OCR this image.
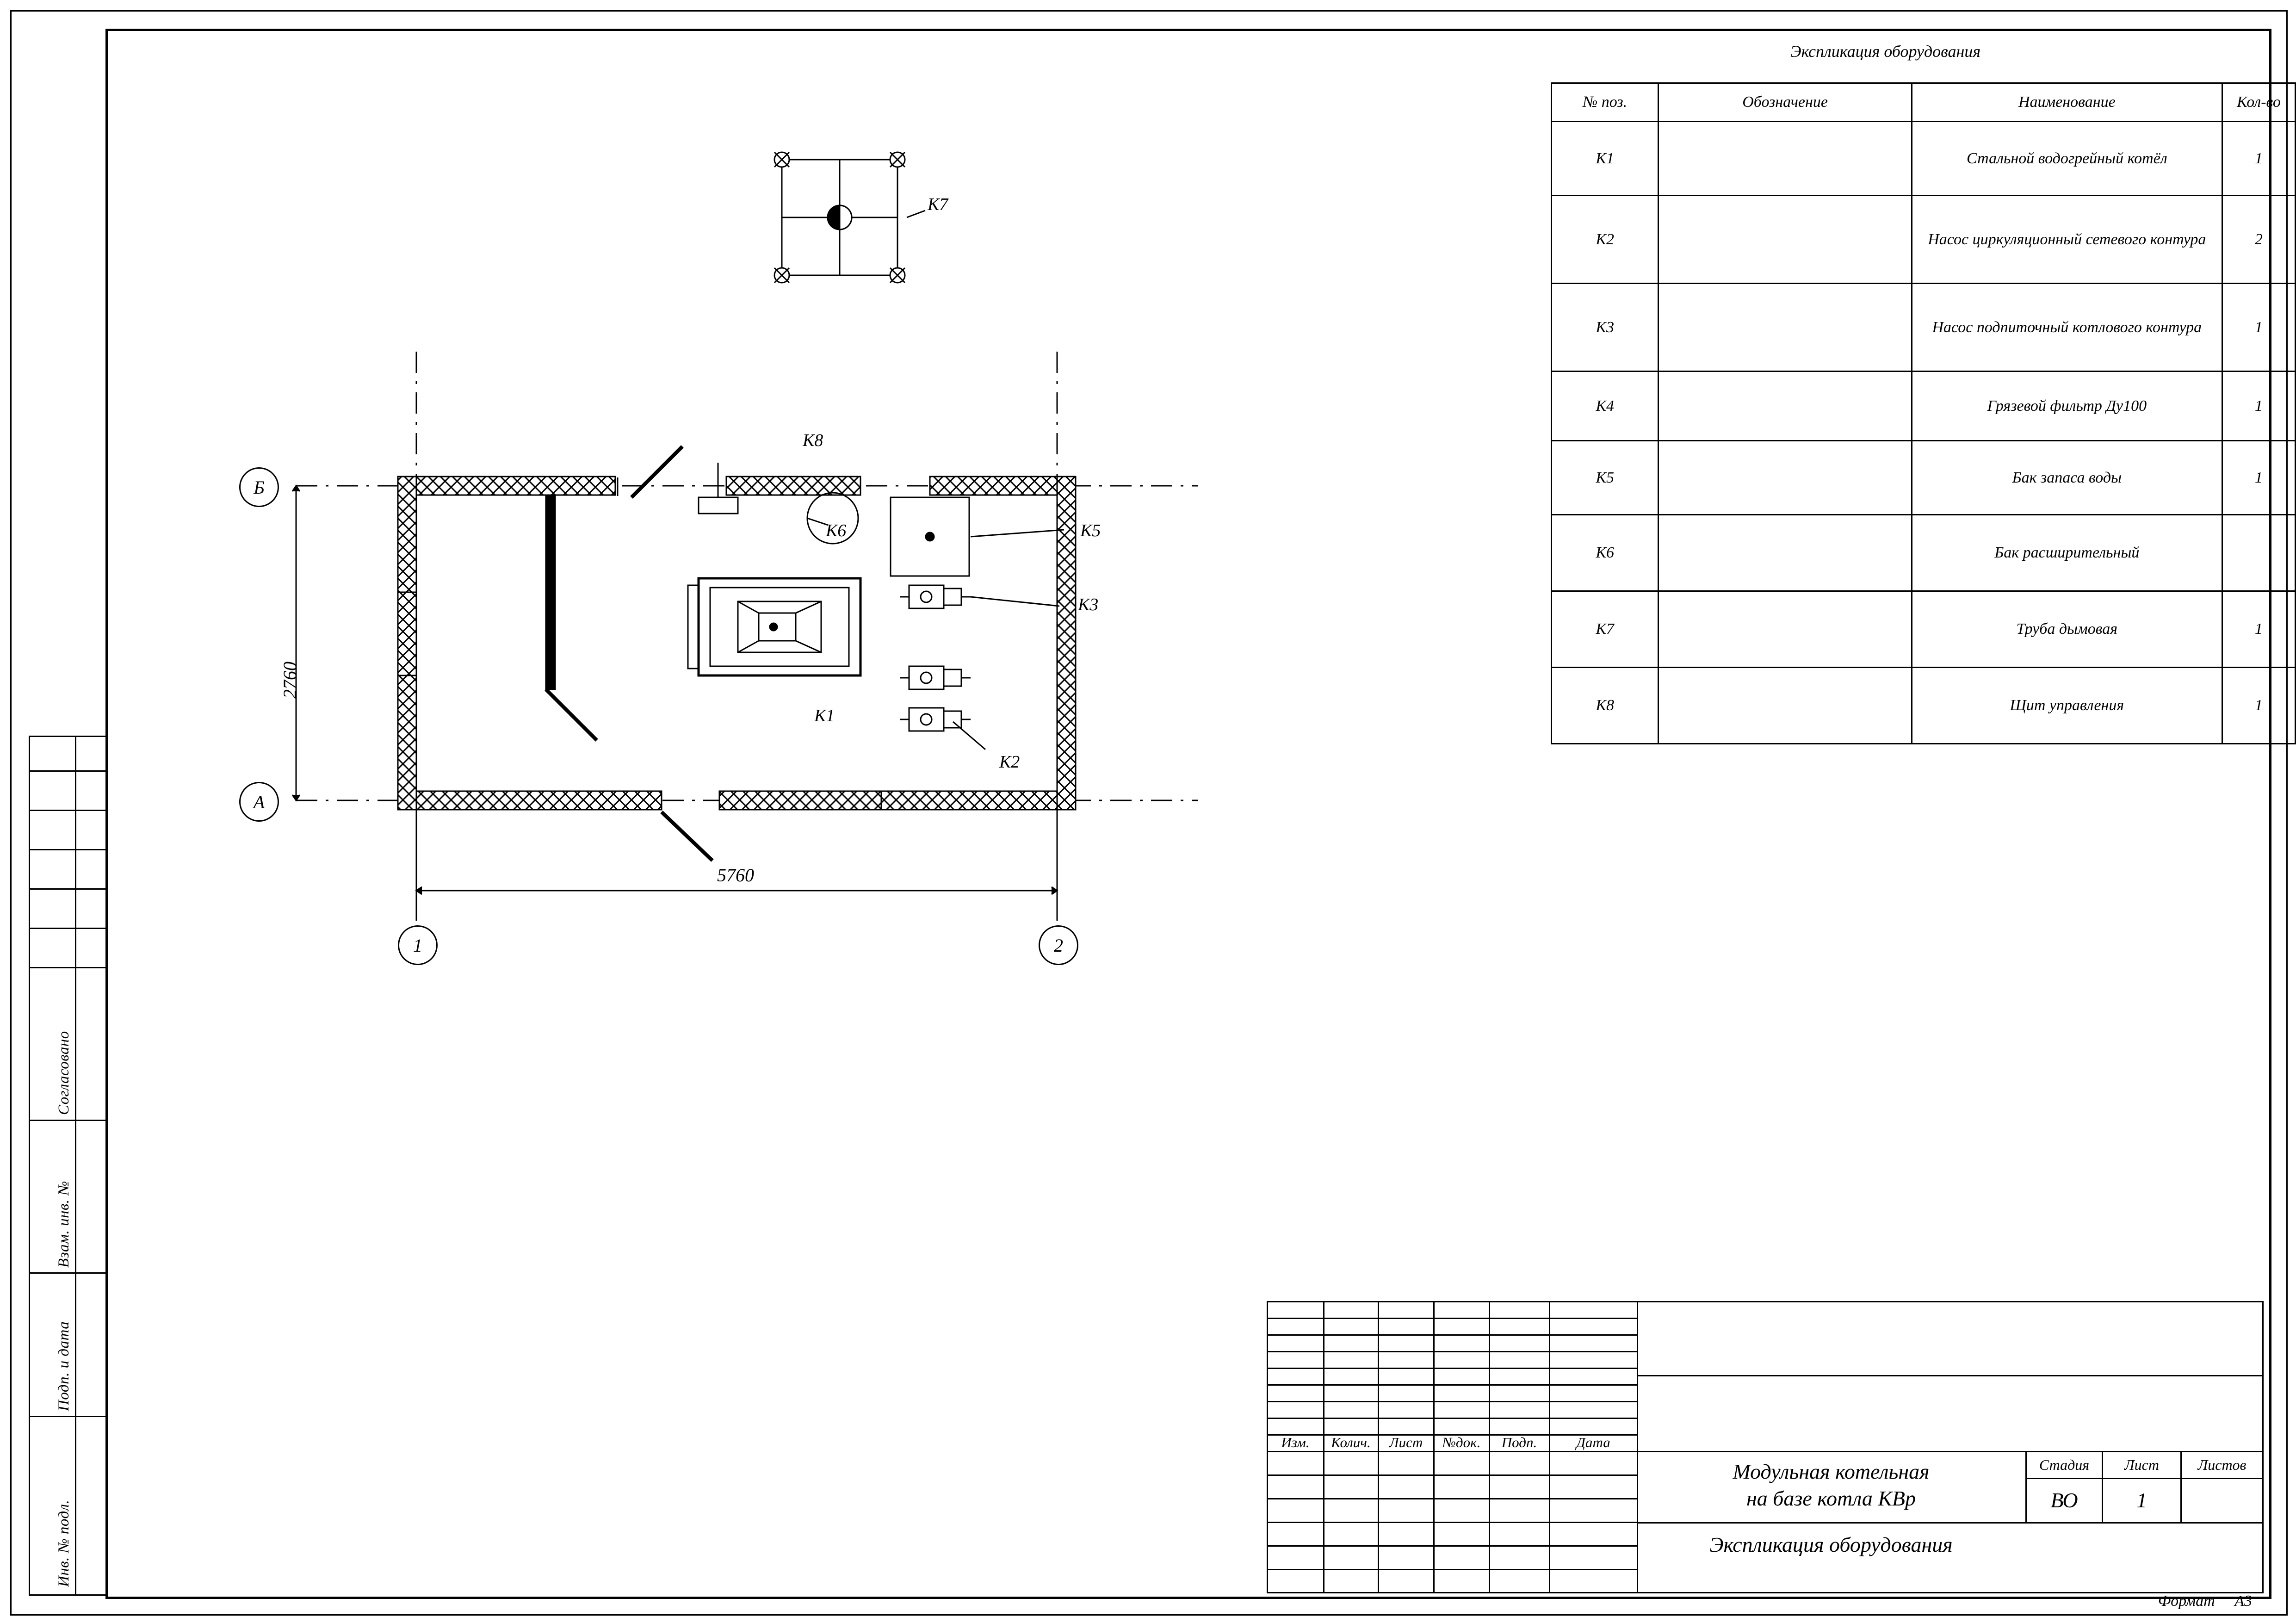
Согласовано
Взам. инв. №
Подп. и дата
Инв. № подл.
Экспликация оборудования
№ поз.	Обозначение	Наименование	Кол-во
К1		Стальной водогрейный котёл	1
К2		Насос циркуляционный сетевого контура	2
К3		Насос подпиточный котлового контура	1
К4		Грязевой фильтр Ду100	1
К5		Бак запаса воды	1
К6		Бак расширительный	
К7		Труба дымовая	1
К8		Щит управления	1
2760
5760
Б
А
1	2
К7
К8
К6	К5
К3
К1
К2
Изм.	Колич.	Лист	№док.	Подп.	Дата
Модульная котельная
на базе котла КВр
Экспликация оборудования
Стадия	Лист	Листов
ВО	1
Формат А3
